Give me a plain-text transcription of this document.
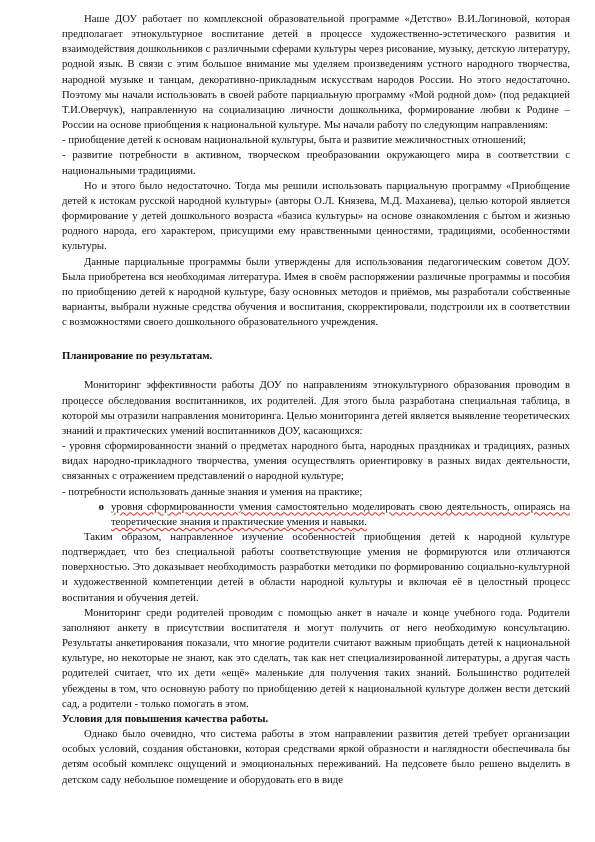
Наше ДОУ работает по комплексной образовательной программе «Детство» В.И.Логиновой, которая предполагает этнокультурное воспитание детей в процессе художественно-эстетического развития и взаимодействия дошкольников с различными сферами культуры через рисование, музыку, детскую литературу, родной язык. В связи с этим большое внимание мы уделяем произведениям устного народного творчества, народной музыке и танцам, декоративно-прикладным искусствам народов России. Но этого недостаточно. Поэтому мы начали использовать в своей работе парциальную программу «Мой родной дом» (под редакцией Т.И.Оверчук), направленную на социализацию личности дошкольника, формирование любви к Родине – России на основе приобщения к национальной культуре. Мы начали работу по следующим направлениям:

- приобщение детей к основам национальной культуры, быта и развитие межличностных отношений;

- развитие потребности в активном, творческом преобразовании окружающего мира в соответствии с национальными традициями.

Но и этого было недостаточно. Тогда мы решили использовать парциальную программу «Приобщение детей к истокам русской народной культуры» (авторы О.Л. Князева, М.Д. Маханева), целью которой является формирование у детей дошкольного возраста «базиса культуры» на основе ознакомления с бытом и жизнью родного народа, его характером, присущими ему нравственными ценностями, традициями, особенностями культуры.

Данные парциальные программы были утверждены для использования педагогическим советом ДОУ. Была приобретена вся необходимая литература. Имея в своём распоряжении различные программы и пособия по приобщению детей к народной культуре, базу основных методов и приёмов, мы разработали собственные варианты, выбрали нужные средства обучения и воспитания, скорректировали, подстроили их в соответствии с возможностями своего дошкольного образовательного учреждения.

Планирование по результатам.

Мониторинг эффективности работы ДОУ по направлениям этнокультурного образования проводим в процессе обследования воспитанников, их родителей. Для этого была разработана специальная таблица, в которой мы отразили направления мониторинга. Целью мониторинга детей является выявление теоретических знаний и практических умений воспитанников ДОУ, касающихся:

- уровня сформированности знаний о предметах народного быта, народных праздниках и традициях, разных видах народно-прикладного творчества, умения осуществлять ориентировку в разных видах деятельности, связанных с отражением представлений о народной культуре;

- потребности использовать данные знания и умения на практике;

o уровня сформированности умения самостоятельно моделировать свою деятельность, опираясь на теоретические знания и практические умения и навыки.

Таким образом, направленное изучение особенностей приобщения детей к народной культуре подтверждает, что без специальной работы соответствующие умения не формируются или отличаются поверхностью. Это доказывает необходимость разработки методики по формированию социально-культурной и художественной компетенции детей в области народной культуры и включая её в целостный процесс воспитания и обучения детей.

Мониторинг среди родителей проводим с помощью анкет в начале и конце учебного года. Родители заполняют анкету в присутствии воспитателя и могут получить от него необходимую консультацию. Результаты анкетирования показали, что многие родители считают важным приобщать детей к национальной культуре, но некоторые не знают, как это сделать, так как нет специализированной литературы, а другая часть родителей считает, что их дети «ещё» маленькие для получения таких знаний. Большинство родителей убеждены в том, что основную работу по приобщению детей к национальной культуре должен вести детский сад, а родители - только помогать в этом.

Условия для повышения качества работы.

Однако было очевидно, что система работы в этом направлении развития детей требует организации особых условий, создания обстановки, которая средствами яркой образности и наглядности обеспечивала бы детям особый комплекс ощущений и эмоциональных переживаний. На педсовете было решено выделить в детском саду небольшое помещение и оборудовать его в виде
